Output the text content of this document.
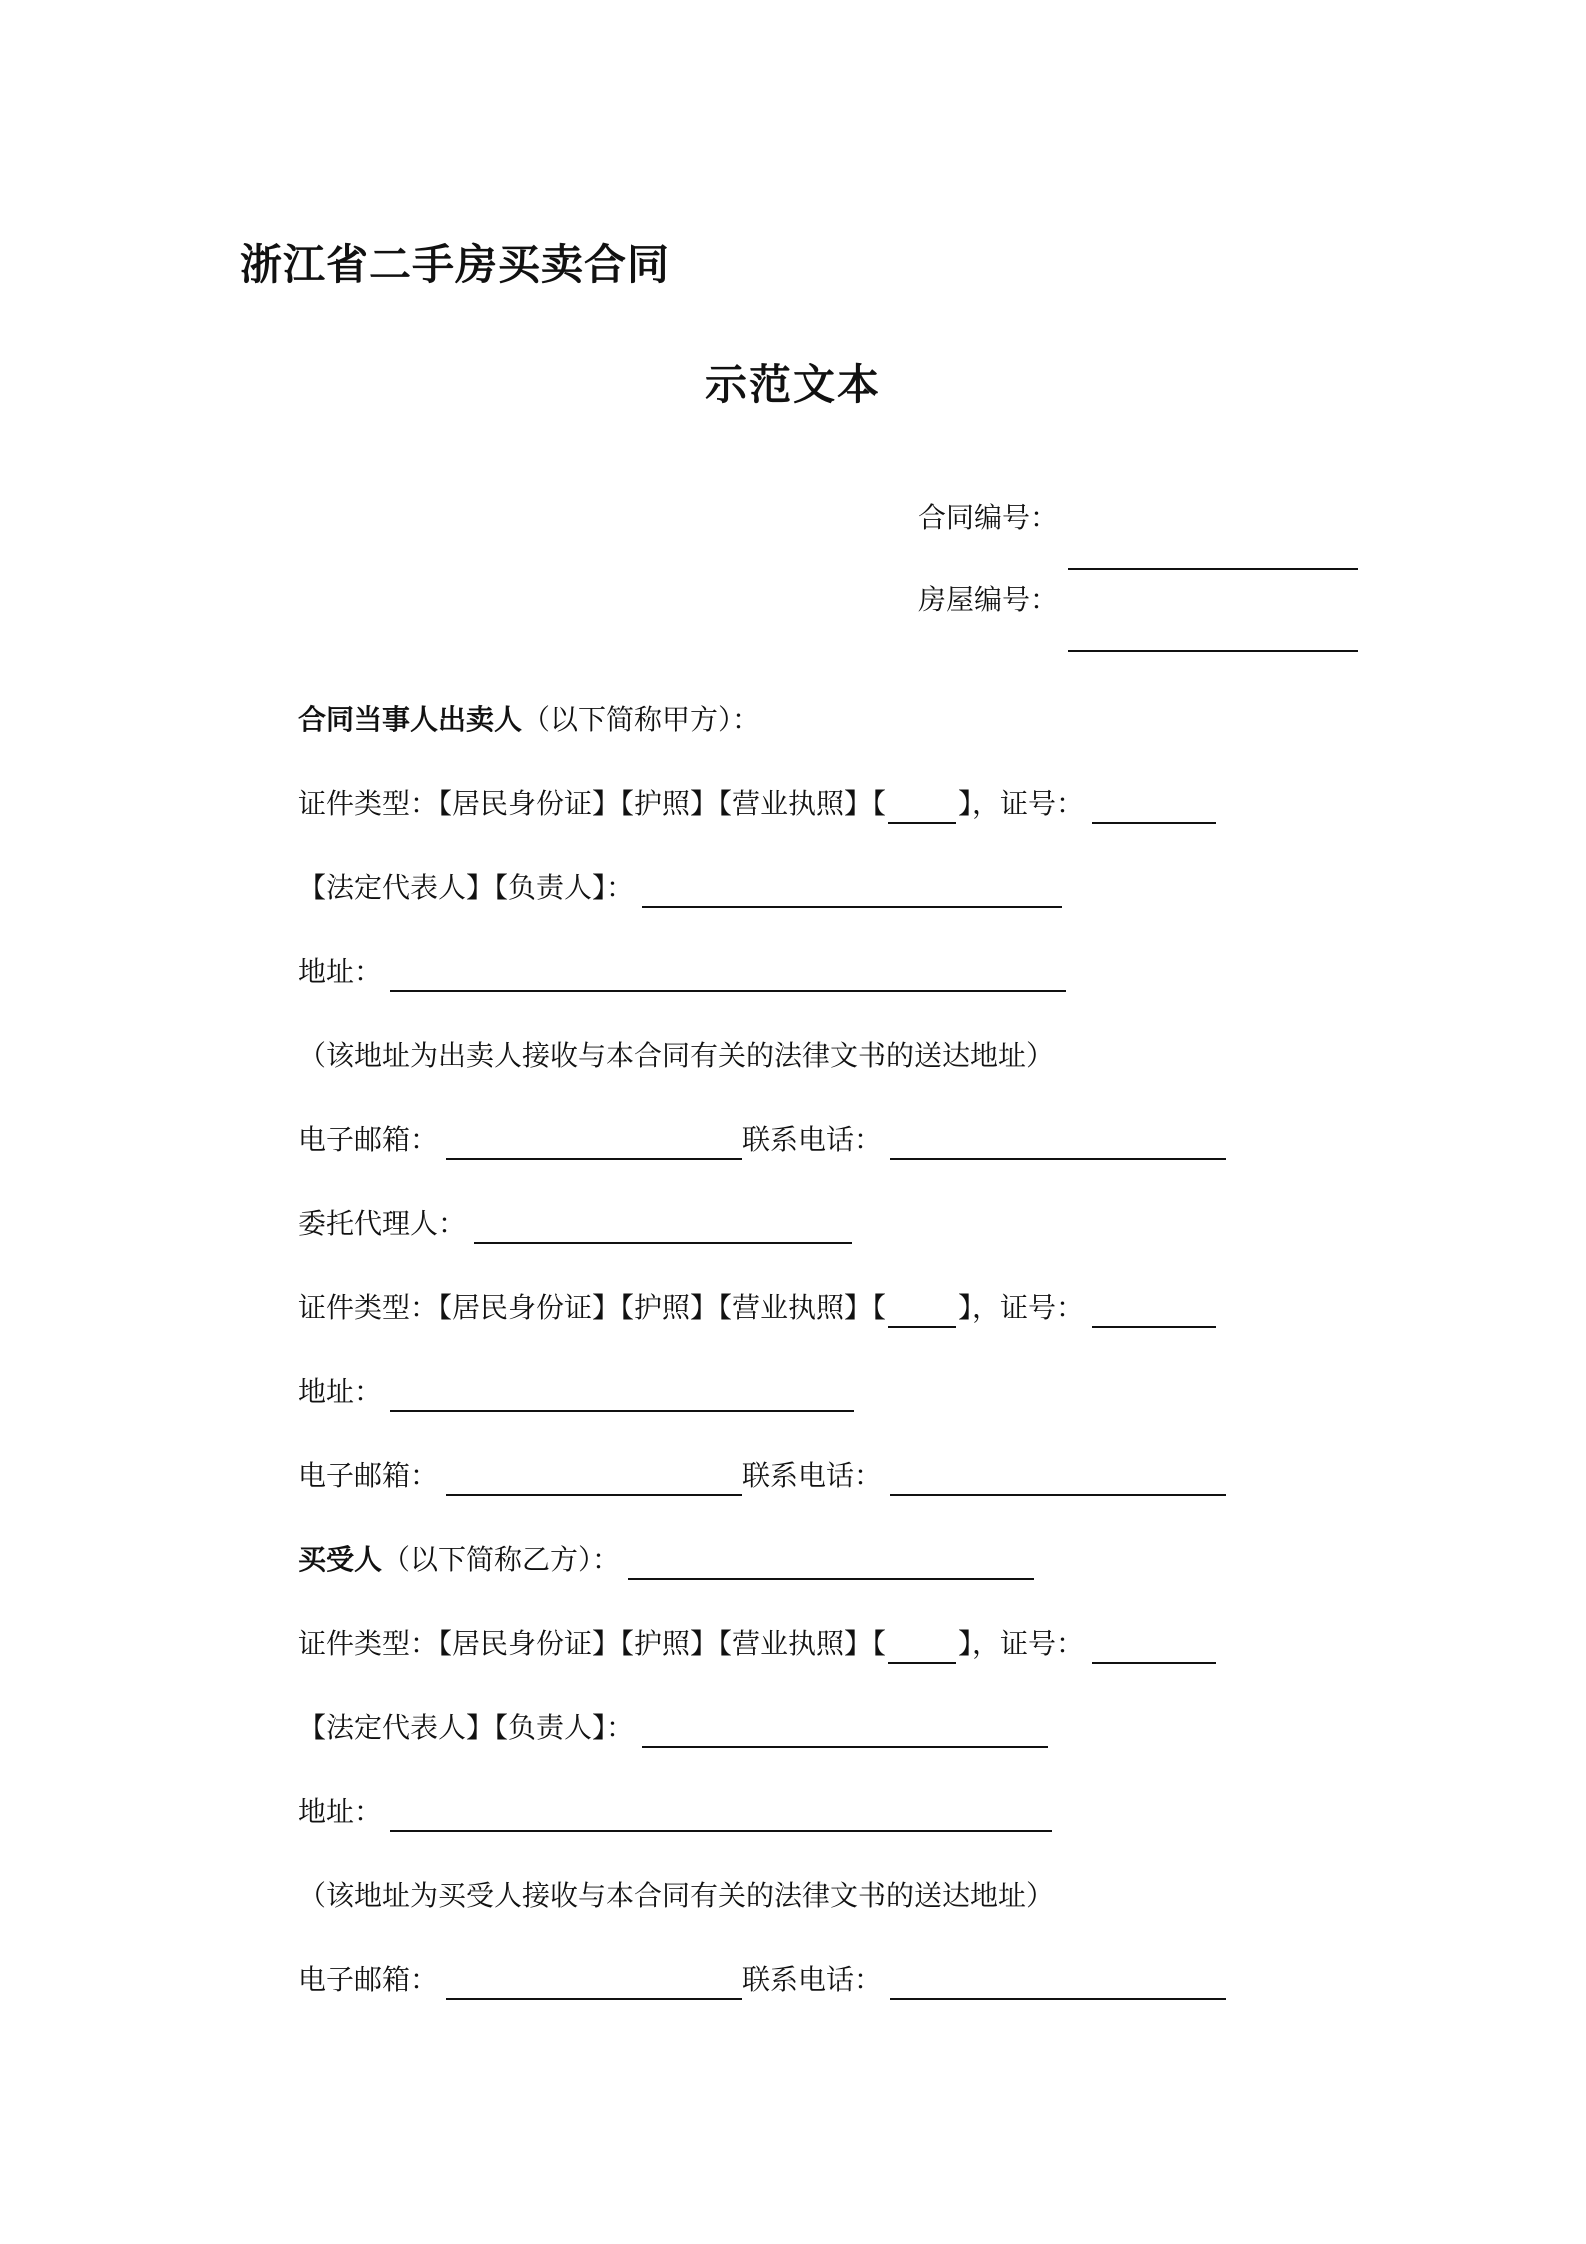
浙江省二手房买卖合同
示范文本
合同编号：
房屋编号：
合同当事人出卖人（以下简称甲方）：
证件类型：【居民身份证】【护照】【营业执照】【	】，证号：
【法定代表人】【负责人】：
地址：
（该地址为出卖人接收与本合同有关的法律文书的送达地址）
电子邮箱：	联系电话：
委托代理人：
证件类型：【居民身份证】【护照】【营业执照】【	】，证号：
地址：
电子邮箱：	联系电话：
买受人（以下简称乙方）：
证件类型：【居民身份证】【护照】【营业执照】【	】，证号：
【法定代表人】【负责人】：
地址：
（该地址为买受人接收与本合同有关的法律文书的送达地址）
电子邮箱：	联系电话：
